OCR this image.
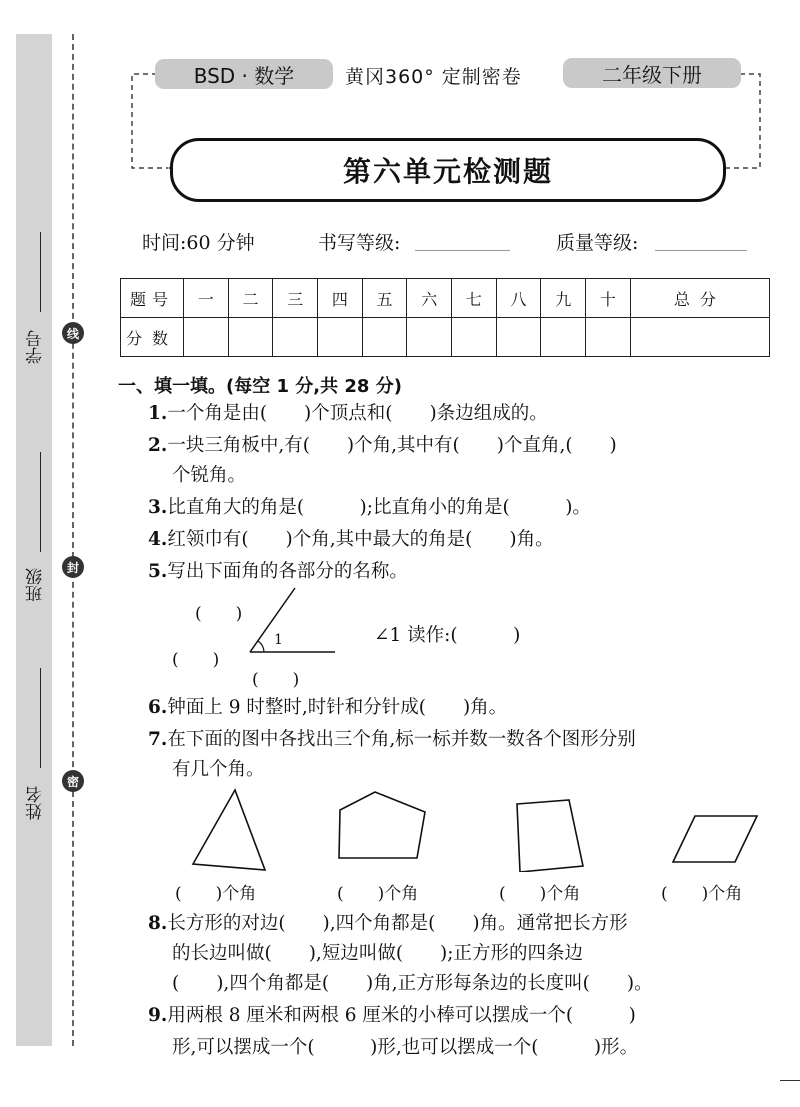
学号
班级
姓名
线
封
密
BSD · 数学	黄冈360° 定制密卷	二年级下册
第六单元检测题
时间:60 分钟	书写等级:	质量等级:
题号	一	二	三	四	五	六	七	八	九	十	总分
分数											
一、填一填。(每空 1 分,共 28 分)
1.一个角是由(　　)个顶点和(　　)条边组成的。
2.一块三角板中,有(　　)个角,其中有(　　)个直角,(　　)
个锐角。
3.比直角大的角是(　　　);比直角小的角是(　　　)。
4.红领巾有(　　)个角,其中最大的角是(　　)角。
5.写出下面角的各部分的名称。
(　　)
(　　)
(　　)
1	∠1 读作:(　　　)
6.钟面上 9 时整时,时针和分针成(　　)角。
7.在下面的图中各找出三个角,标一标并数一数各个图形分别
有几个角。
(　　)个角	(　　)个角	(　　)个角	(　　)个角
8.长方形的对边(　　),四个角都是(　　)角。通常把长方形
的长边叫做(　　),短边叫做(　　);正方形的四条边
(　　),四个角都是(　　)角,正方形每条边的长度叫(　　)。
9.用两根 8 厘米和两根 6 厘米的小棒可以摆成一个(　　　)
形,可以摆成一个(　　　)形,也可以摆成一个(　　　)形。
